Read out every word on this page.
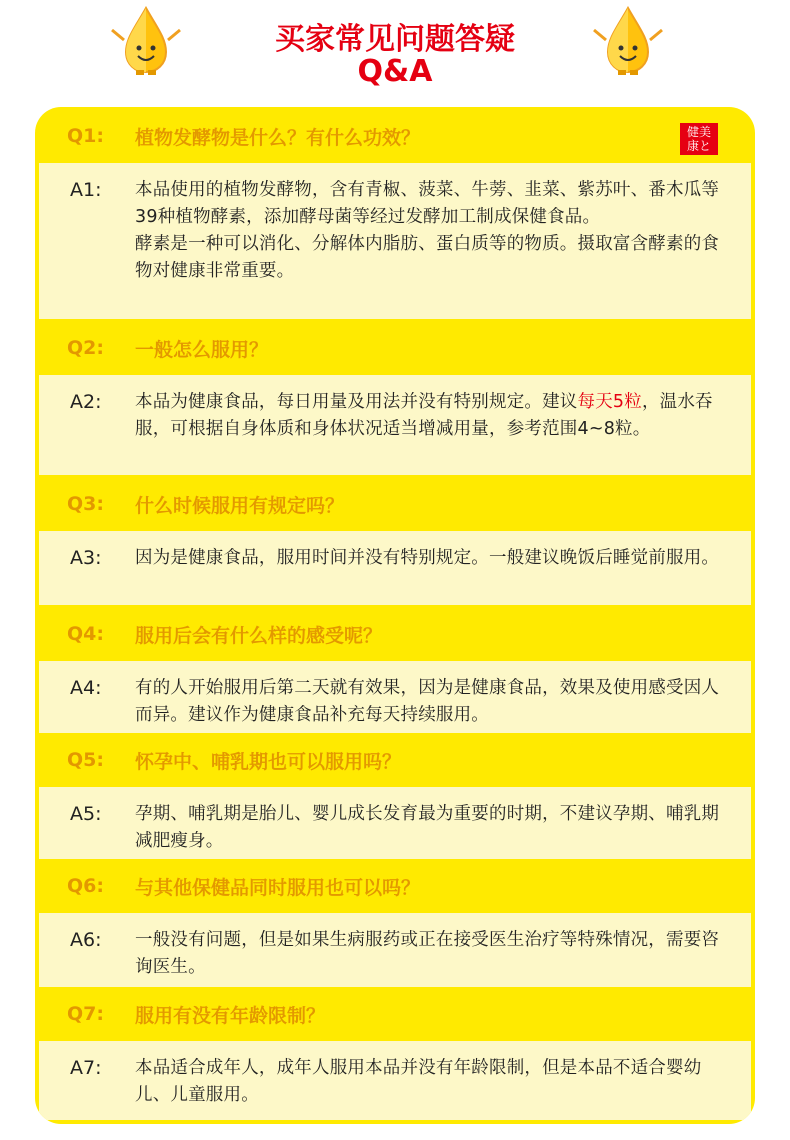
买家常见问题答疑
Q&A
Q1: 植物发酵物是什么？有什么功效？	健美
康と
A1: 本品使用的植物发酵物，含有青椒、菠菜、牛蒡、韭菜、紫苏叶、番木瓜等39种植物酵素，添加酵母菌等经过发酵加工制成保健食品。
酵素是一种可以消化、分解体内脂肪、蛋白质等的物质。摄取富含酵素的食物对健康非常重要。
Q2: 一般怎么服用？
A2: 本品为健康食品，每日用量及用法并没有特别规定。建议每天5粒，温水吞服，可根据自身体质和身体状况适当增减用量，参考范围4~8粒。
Q3: 什么时候服用有规定吗？
A3: 因为是健康食品，服用时间并没有特别规定。一般建议晚饭后睡觉前服用。
Q4: 服用后会有什么样的感受呢？
A4: 有的人开始服用后第二天就有效果，因为是健康食品，效果及使用感受因人而异。建议作为健康食品补充每天持续服用。
Q5: 怀孕中、哺乳期也可以服用吗？
A5: 孕期、哺乳期是胎儿、婴儿成长发育最为重要的时期，不建议孕期、哺乳期减肥瘦身。
Q6: 与其他保健品同时服用也可以吗？
A6: 一般没有问题，但是如果生病服药或正在接受医生治疗等特殊情况，需要咨询医生。
Q7: 服用有没有年龄限制？
A7: 本品适合成年人，成年人服用本品并没有年龄限制，但是本品不适合婴幼儿、儿童服用。
